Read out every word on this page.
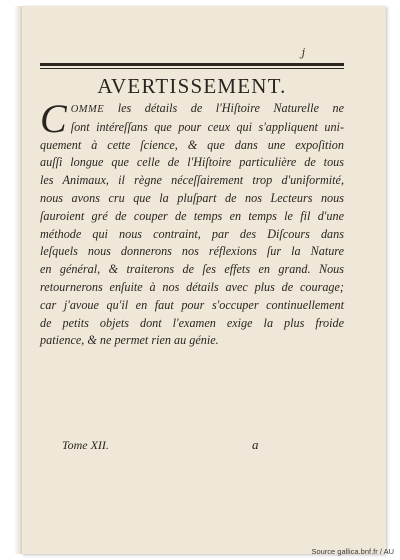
j
AVERTISSEMENT.
C OMME les détails de l'Hiſtoire Naturelle ne
ſont intéreſſans que pour ceux qui s'appliquent uni-
quement à cette ſcience, & que dans une expoſition
auſſi longue que celle de l'Hiſtoire particulière de tous
les Animaux, il règne néceſſairement trop d'uniformité,
nous avons cru que la pluſpart de nos Lecteurs nous
ſauroient gré de couper de temps en temps le fil d'une
méthode qui nous contraint, par des Diſcours dans
leſquels nous donnerons nos réflexions ſur la Nature
en général, & traiterons de ſes effets en grand. Nous
retournerons enſuite à nos détails avec plus de courage;
car j'avoue qu'il en faut pour s'occuper continuellement
de petits objets dont l'examen exige la plus froide
patience, & ne permet rien au génie.
Tome XII.	a
Source gallica.bnf.fr / AU
